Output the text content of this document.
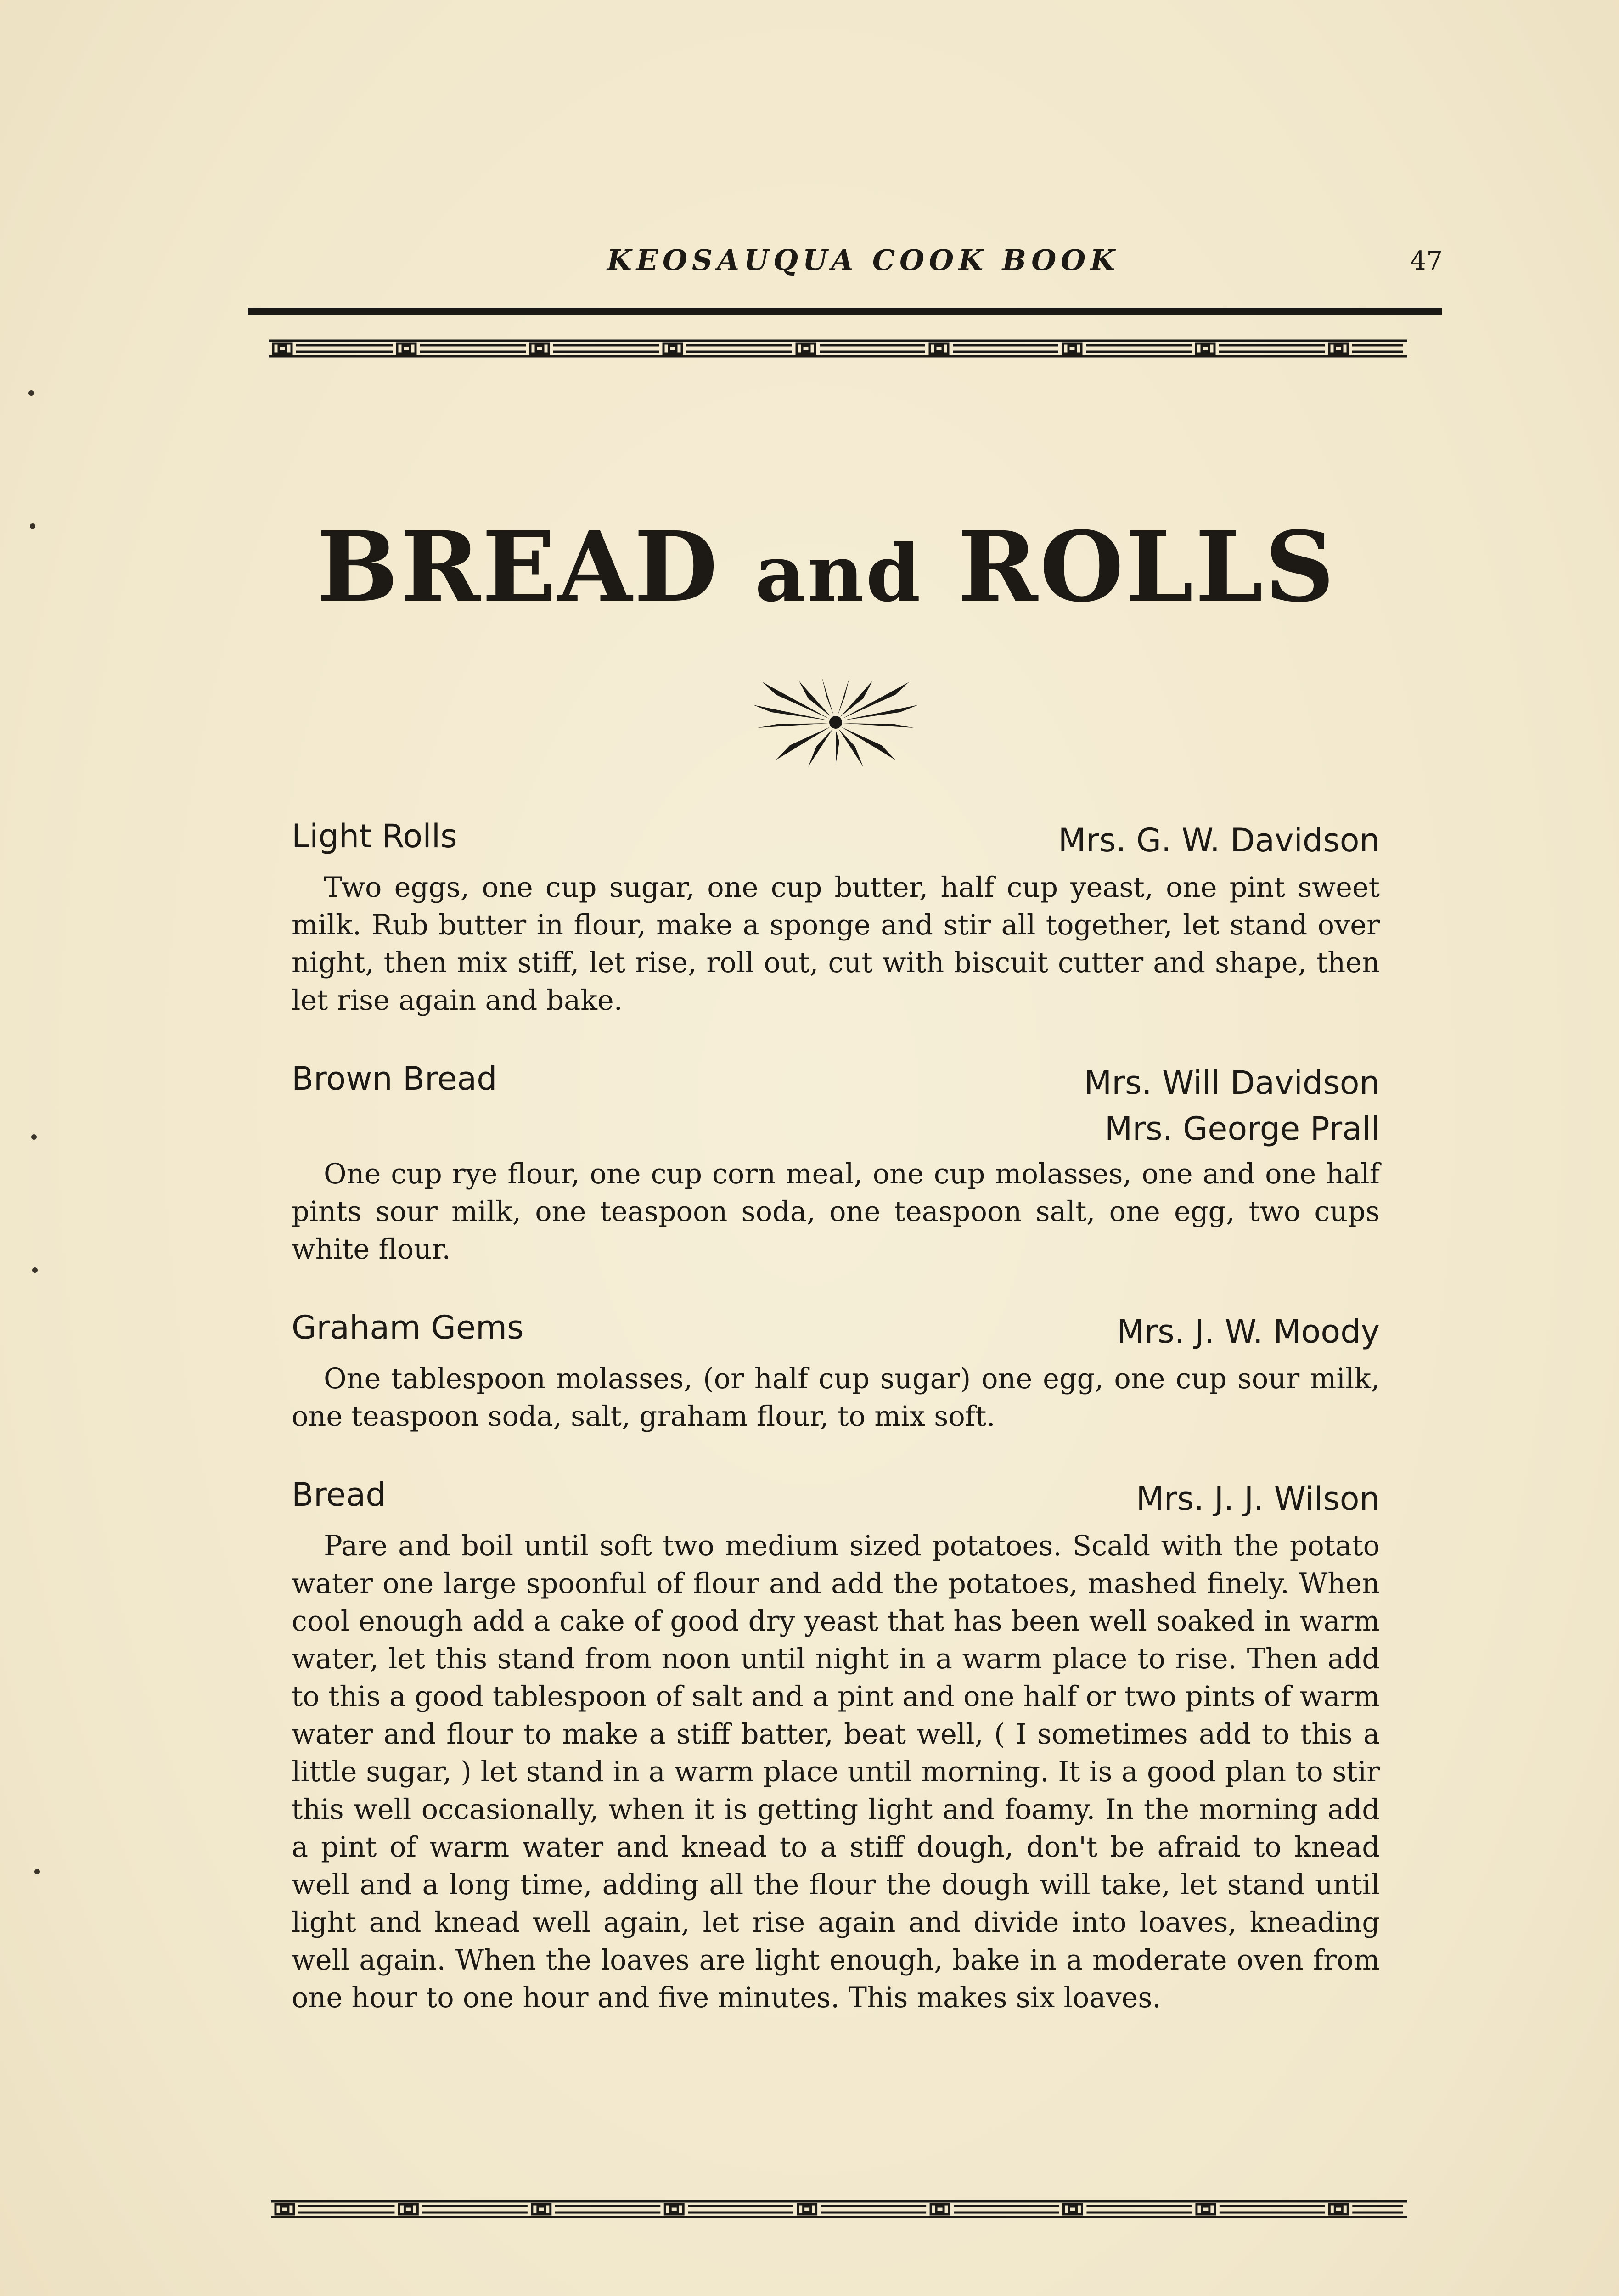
KEOSAUQUA COOK BOOK	47
BREAD and ROLLS
Light Rolls	Mrs. G. W. Davidson
Two eggs, one cup sugar, one cup butter, half cup yeast, one pint sweet milk. Rub butter in flour, make a sponge and stir all together, let stand over night, then mix stiff, let rise, roll out, cut with biscuit cutter and shape, then let rise again and bake.
Brown Bread	Mrs. Will Davidson
Mrs. George Prall
One cup rye flour, one cup corn meal, one cup molasses, one and one half pints sour milk, one teaspoon soda, one teaspoon salt, one egg, two cups white flour.
Graham Gems	Mrs. J. W. Moody
One tablespoon molasses, (or half cup sugar) one egg, one cup sour milk, one teaspoon soda, salt, graham flour, to mix soft.
Bread	Mrs. J. J. Wilson
Pare and boil until soft two medium sized potatoes. Scald with the potato water one large spoonful of flour and add the potatoes, mashed finely. When cool enough add a cake of good dry yeast that has been well soaked in warm water, let this stand from noon until night in a warm place to rise. Then add to this a good tablespoon of salt and a pint and one half or two pints of warm water and flour to make a stiff batter, beat well, ( I sometimes add to this a little sugar, ) let stand in a warm place until morning. It is a good plan to stir this well occasionally, when it is getting light and foamy. In the morning add a pint of warm water and knead to a stiff dough, don't be afraid to knead well and a long time, adding all the flour the dough will take, let stand until light and knead well again, let rise again and divide into loaves, kneading well again. When the loaves are light enough, bake in a moderate oven from one hour to one hour and five minutes. This makes six loaves.
